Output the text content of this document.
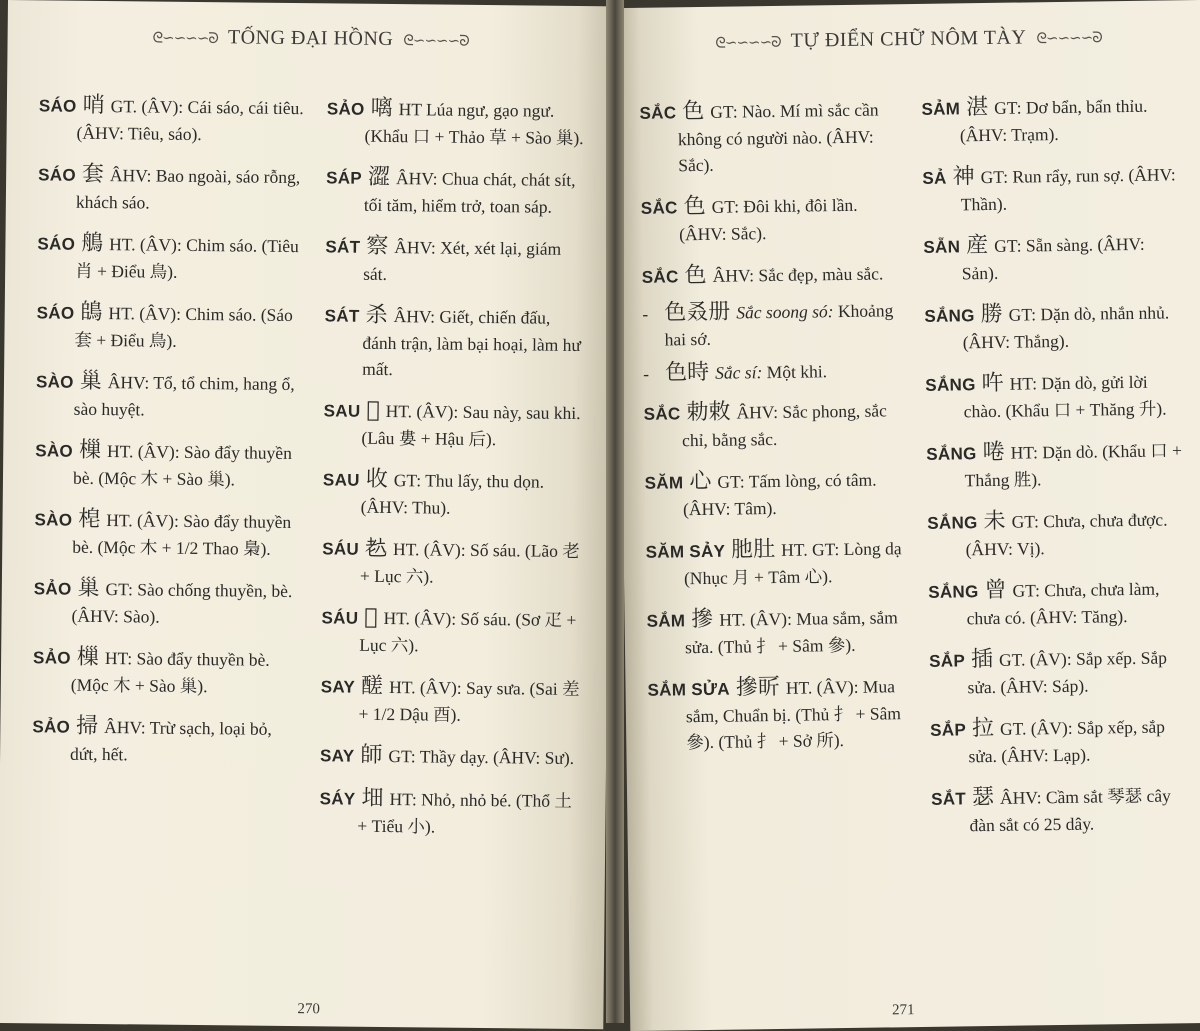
ᘓ∽∽∽∽ᘐ TỐNG ĐẠI HỒNG ᘓ∽∽∽∽ᘐ
SÁO 哨 GT. (ÂV): Cái sáo, cái tiêu. (ÂHV: Tiêu, sáo).
SÁO 套 ÂHV: Bao ngoài, sáo rỗng, khách sáo.
SÁO 鵃 HT. (ÂV): Chim sáo. (Tiêu 肖 + Điểu 鳥).
SÁO 鴭 HT. (ÂV): Chim sáo. (Sáo 套 + Điểu 鳥).
SÀO 巢 ÂHV: Tổ, tổ chim, hang ổ, sào huyệt.
SÀO 樔 HT. (ÂV): Sào đẩy thuyền bè. (Mộc 木 + Sào 巢).
SÀO 梍 HT. (ÂV): Sào đẩy thuyền bè. (Mộc 木 + 1/2 Thao 梟).
SẢO 巢 GT: Sào chống thuyền, bè. (ÂHV: Sào).
SẢO 樔 HT: Sào đẩy thuyền bè. (Mộc 木 + Sào 巢).
SẢO 掃 ÂHV: Trừ sạch, loại bỏ, dứt, hết.
SẢO 𠻗 HT Lúa ngư, gạo ngư. (Khẩu 口 + Thảo 草 + Sào 巢).
SÁP 澀 ÂHV: Chua chát, chát sít, tối tăm, hiểm trở, toan sáp.
SÁT 察 ÂHV: Xét, xét lại, giám sát.
SÁT 杀 ÂHV: Giết, chiến đấu, đánh trận, làm bại hoại, làm hư mất.
SAU 𡢐 HT. (ÂV): Sau này, sau khi. (Lâu 婁 + Hậu 后).
SAU 收 GT: Thu lấy, thu dọn. (ÂHV: Thu).
SÁU 𦒹 HT. (ÂV): Số sáu. (Lão 老 + Lục 六).
SÁU 𧺃 HT. (ÂV): Số sáu. (Sơ 疋 + Lục 六).
SAY 醝 HT. (ÂV): Say sưa. (Sai 差 + 1/2 Dậu 酉).
SAY 師 GT: Thầy dạy. (ÂHV: Sư).
SÁY 𡊰 HT: Nhỏ, nhỏ bé. (Thổ 土 + Tiểu 小).
270
ᘓ∽∽∽∽ᘐ TỰ ĐIỂN CHỮ NÔM TÀY ᘓ∽∽∽∽ᘐ
SẮC 色 GT: Nào. Mí mì sắc cần không có người nào. (ÂHV: Sắc).
SẮC 色 GT: Đôi khi, đôi lần. (ÂHV: Sắc).
SẮC 色 ÂHV: Sắc đẹp, màu sắc.
- 色叒册 Sắc soong só: Khoảng hai sớ.
- 色時 Sắc sí: Một khi.
SẮC 勅敕 ÂHV: Sắc phong, sắc chỉ, bằng sắc.
SĂM 心 GT: Tấm lòng, có tâm. (ÂHV: Tâm).
SĂM SẢY 肔肚 HT. GT: Lòng dạ (Nhục 月 + Tâm 心).
SẮM 摻 HT. (ÂV): Mua sắm, sắm sửa. (Thủ 扌 + Sâm 參).
SẮM SỬA 摻㪽 HT. (ÂV): Mua sắm, Chuẩn bị. (Thủ 扌 + Sâm 參). (Thủ 扌 + Sở 所).
SẢM 湛 GT: Dơ bẩn, bẩn thỉu. (ÂHV: Trạm).
SẢ 神 GT: Run rẩy, run sợ. (ÂHV: Thần).
SẴN 産 GT: Sẵn sàng. (ÂHV: Sản).
SẮNG 勝 GT: Dặn dò, nhắn nhủ. (ÂHV: Thắng).
SẮNG 吘 HT: Dặn dò, gửi lời chào. (Khẩu 口 + Thăng 升).
SẮNG 啳 HT: Dặn dò. (Khẩu 口 + Thắng 胜).
SẮNG 未 GT: Chưa, chưa được. (ÂHV: Vị).
SẮNG 曾 GT: Chưa, chưa làm, chưa có. (ÂHV: Tăng).
SẮP 插 GT. (ÂV): Sắp xếp. Sắp sửa. (ÂHV: Sáp).
SẮP 拉 GT. (ÂV): Sắp xếp, sắp sửa. (ÂHV: Lạp).
SẮT 瑟 ÂHV: Cầm sắt 琴瑟 cây đàn sắt có 25 dây.
271
